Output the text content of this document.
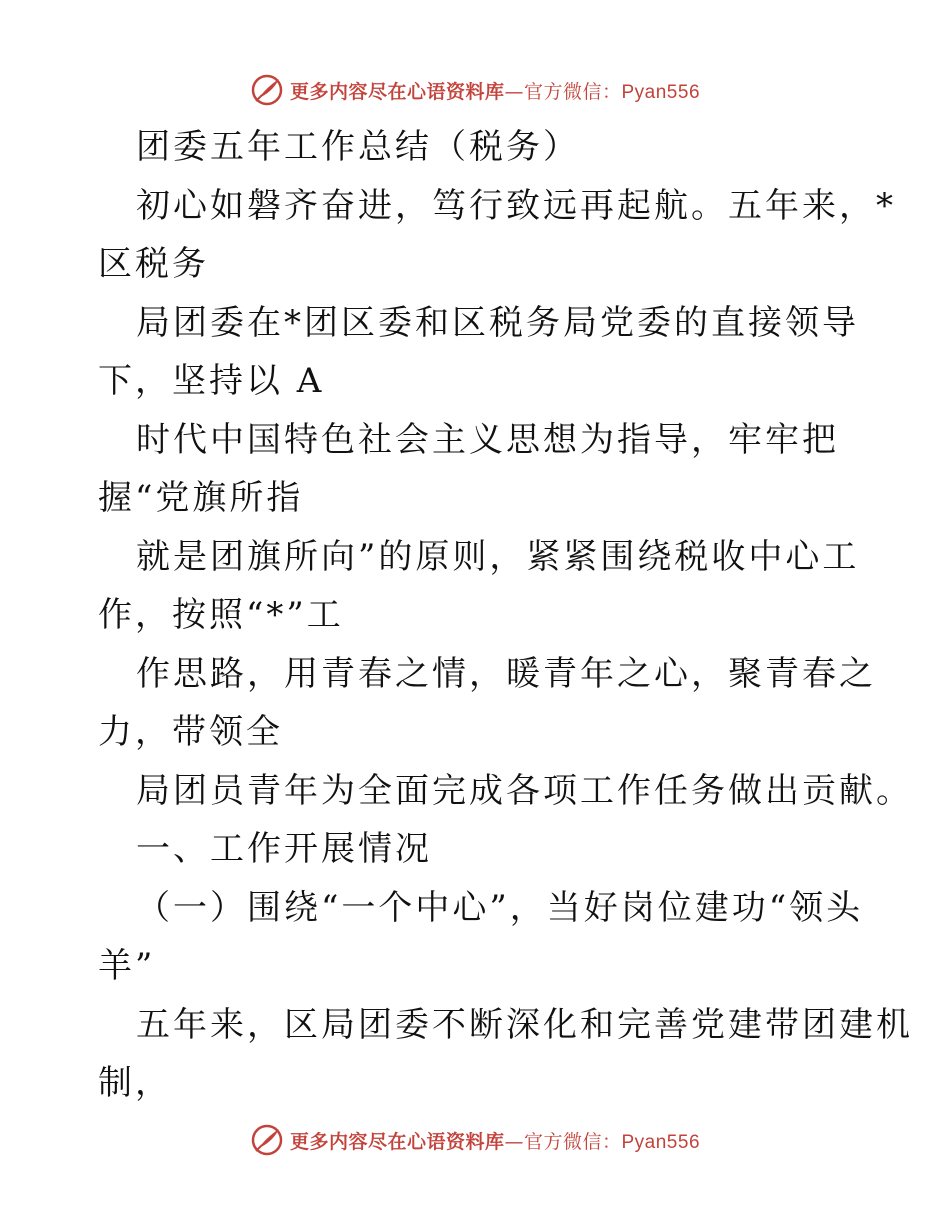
更多内容尽在心语资料库—官方微信：Pyan556
团委五年工作总结（税务）
初心如磐齐奋进，笃行致远再起航。五年来，*
区税务
局团委在*团区委和区税务局党委的直接领导
下，坚持以 A
时代中国特色社会主义思想为指导，牢牢把
握“党旗所指
就是团旗所向”的原则，紧紧围绕税收中心工
作，按照“*”工
作思路，用青春之情，暖青年之心，聚青春之
力，带领全
局团员青年为全面完成各项工作任务做出贡献。
一、工作开展情况
（一）围绕“一个中心”，当好岗位建功“领头
羊”
五年来，区局团委不断深化和完善党建带团建机
制，
更多内容尽在心语资料库—官方微信：Pyan556
